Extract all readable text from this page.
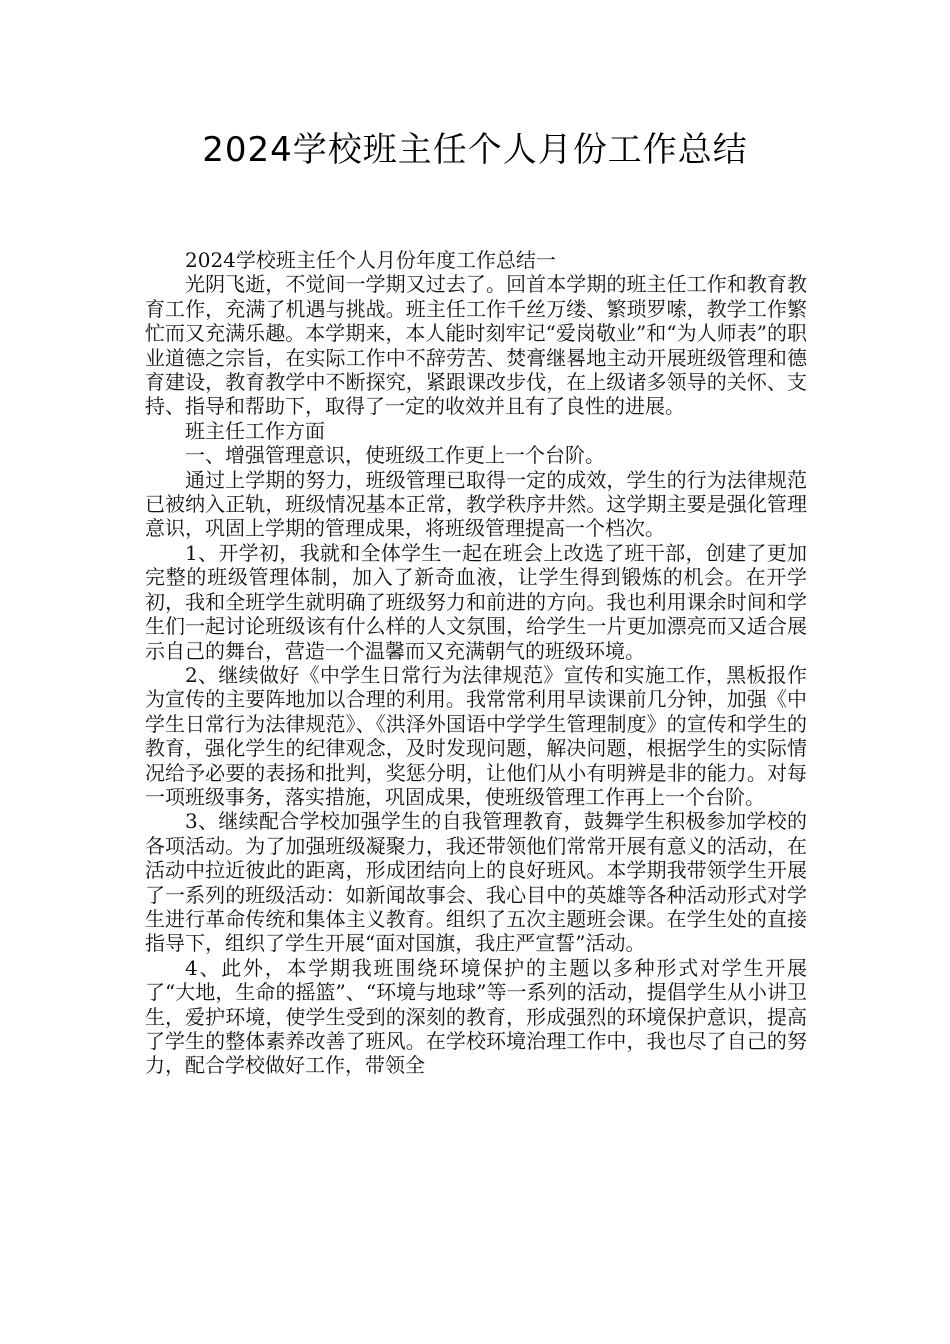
2024学校班主任个人月份工作总结

2024学校班主任个人月份年度工作总结一

光阴飞逝，不觉间一学期又过去了。回首本学期的班主任工作和教育教育工作，充满了机遇与挑战。班主任工作千丝万缕、繁琐罗嗦，教学工作繁忙而又充满乐趣。本学期来，本人能时刻牢记“爱岗敬业”和“为人师表”的职业道德之宗旨，在实际工作中不辞劳苦、焚膏继晷地主动开展班级管理和德育建设，教育教学中不断探究，紧跟课改步伐，在上级诸多领导的关怀、支持、指导和帮助下，取得了一定的收效并且有了良性的进展。

班主任工作方面

一、增强管理意识，使班级工作更上一个台阶。

通过上学期的努力，班级管理已取得一定的成效，学生的行为法律规范已被纳入正轨，班级情况基本正常，教学秩序井然。这学期主要是强化管理意识，巩固上学期的管理成果，将班级管理提高一个档次。

1、开学初，我就和全体学生一起在班会上改选了班干部，创建了更加完整的班级管理体制，加入了新奇血液，让学生得到锻炼的机会。在开学初，我和全班学生就明确了班级努力和前进的方向。我也利用课余时间和学生们一起讨论班级该有什么样的人文氛围，给学生一片更加漂亮而又适合展示自己的舞台，营造一个温馨而又充满朝气的班级环境。

2、继续做好《中学生日常行为法律规范》宣传和实施工作，黑板报作为宣传的主要阵地加以合理的利用。我常常利用早读课前几分钟，加强《中学生日常行为法律规范》、《洪泽外国语中学学生管理制度》的宣传和学生的教育，强化学生的纪律观念，及时发现问题，解决问题，根据学生的实际情况给予必要的表扬和批判，奖惩分明，让他们从小有明辨是非的能力。对每一项班级事务，落实措施，巩固成果，使班级管理工作再上一个台阶。

3、继续配合学校加强学生的自我管理教育，鼓舞学生积极参加学校的各项活动。为了加强班级凝聚力，我还带领他们常常开展有意义的活动，在活动中拉近彼此的距离，形成团结向上的良好班风。本学期我带领学生开展了一系列的班级活动：如新闻故事会、我心目中的英雄等各种活动形式对学生进行革命传统和集体主义教育。组织了五次主题班会课。在学生处的直接指导下，组织了学生开展“面对国旗，我庄严宣誓”活动。

4、此外，本学期我班围绕环境保护的主题以多种形式对学生开展了“大地，生命的摇篮”、“环境与地球”等一系列的活动，提倡学生从小讲卫生，爱护环境，使学生受到的深刻的教育，形成强烈的环境保护意识，提高了学生的整体素养改善了班风。在学校环境治理工作中，我也尽了自己的努力，配合学校做好工作，带领全
